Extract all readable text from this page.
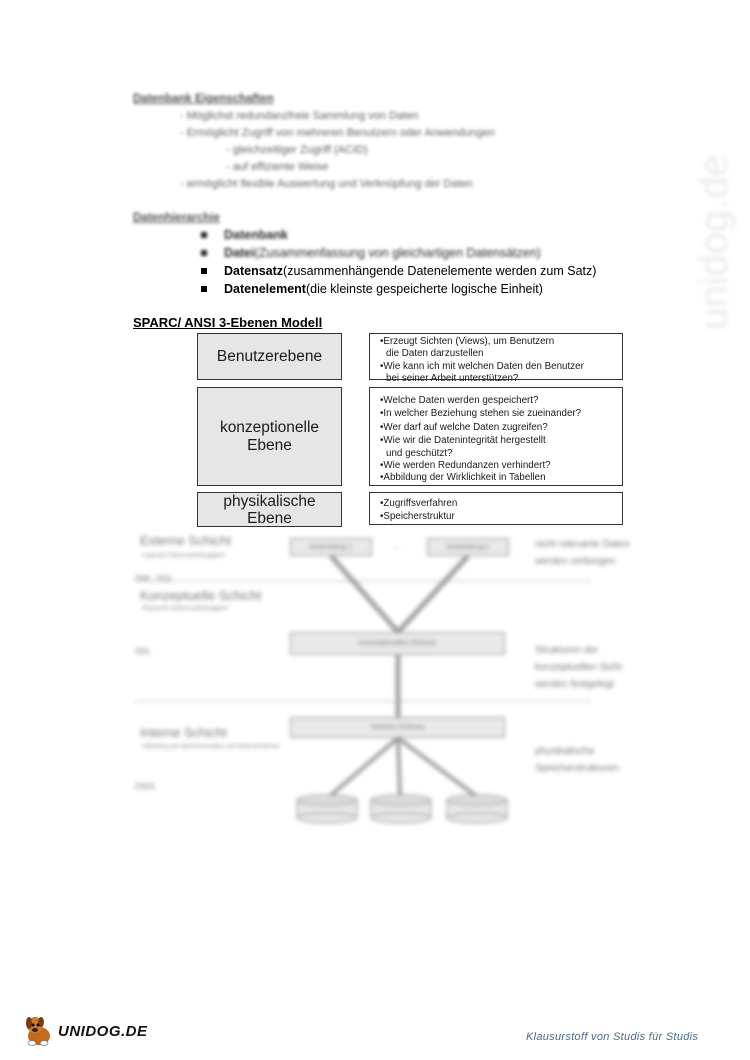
unidog.de
Datenbank Eigenschaften
- Möglichst redundanzfreie Sammlung von Daten
- Ermöglicht Zugriff von mehreren Benutzern oder Anwendungen
- gleichzeitiger Zugriff (ACID)
- auf effiziente Weise
- ermöglicht flexible Auswertung und Verknüpfung der Daten
Datenhierarchie
Datenbank
Datei (Zusammenfassung von gleichartigen Datensätzen)
Datensatz (zusammenhängende Datenelemente werden zum Satz)
Datenelement (die kleinste gespeicherte logische Einheit)
SPARC/ ANSI 3-Ebenen Modell
Benutzerebene
•Erzeugt Sichten (Views), um Benutzern
die Daten darzustellen
•Wie kann ich mit welchen Daten den Benutzer
bei seiner Arbeit unterstützen?
konzeptionelle
Ebene
•Welche Daten werden gespeichert?
•In welcher Beziehung stehen sie zueinander?
•Wer darf auf welche Daten zugreifen?
•Wie wir die Datenintegrität hergestellt
und geschützt?
•Wie werden Redundanzen verhindert?
•Abbildung der Wirklichkeit in Tabellen
physikalische
Ebene
•Zugriffsverfahren
•Speicherstruktur
Externe Schicht
Logische Datenunabhängigkeit
DML, DQL
Anwendung 1	...	Anwendung n	nicht relevante Daten
werden verborgen
Konzeptuelle Schicht
Physische Datenunabhängigkeit
DDL
Konzeptionelles Schema
Strukturen der
konzeptuellen Sicht
werden festgelegt
Interne Schicht
Abbildung auf Speichermedien und Datenstrukturen
DSDL
Internes Schema
physikalische
Speicherstrukturen
UNIDOG.DE	Klausurstoff von Studis für Studis
